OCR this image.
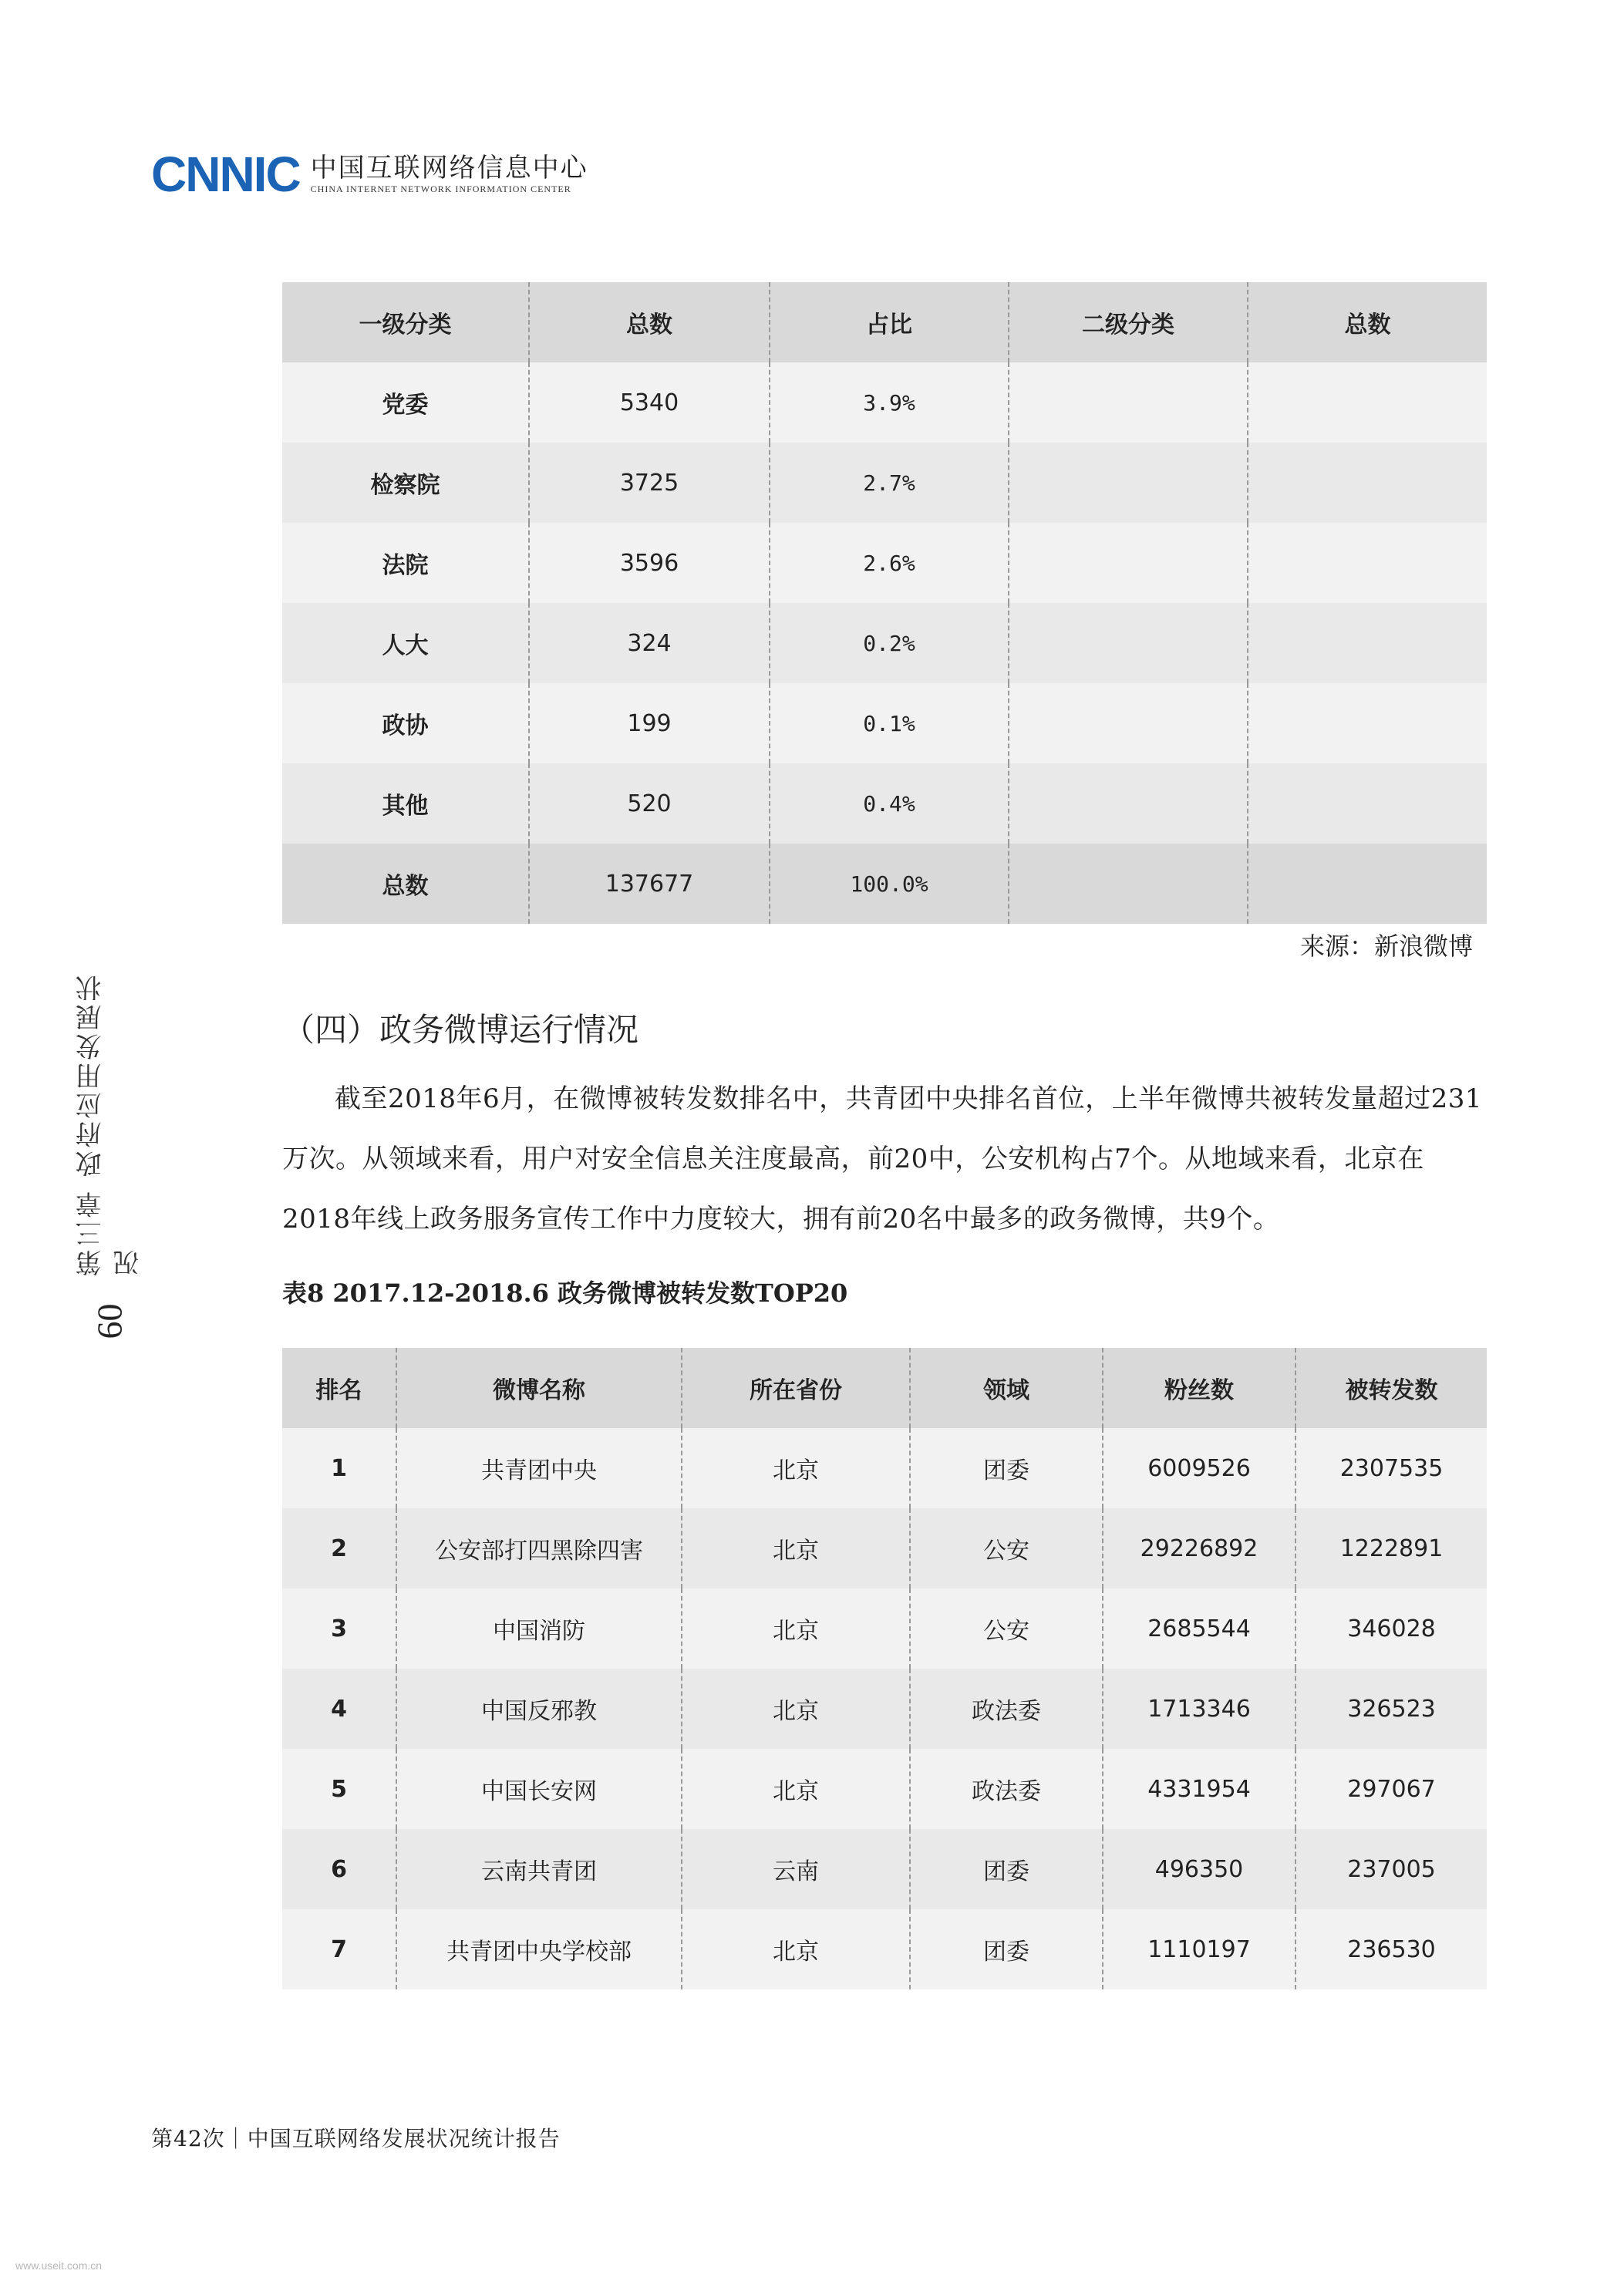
CNNIC 中国互联网络信息中心
CHINA INTERNET NETWORK INFORMATION CENTER
第三章 政府应用发展状况
60
一级分类	总数	占比	二级分类	总数
党委	5340	3.9%		
检察院	3725	2.7%		
法院	3596	2.6%		
人大	324	0.2%		
政协	199	0.1%		
其他	520	0.4%		
总数	137677	100.0%		
来源：新浪微博
（四）政务微博运行情况

截至2018年6月，在微博被转发数排名中，共青团中央排名首位，上半年微博共被转发量超过231万次。从领域来看，用户对安全信息关注度最高，前20中，公安机构占7个。从地域来看，北京在2018年线上政务服务宣传工作中力度较大，拥有前20名中最多的政务微博，共9个。

表8 2017.12-2018.6 政务微博被转发数TOP20
排名	微博名称	所在省份	领域	粉丝数	被转发数
1	共青团中央	北京	团委	6009526	2307535
2	公安部打四黑除四害	北京	公安	29226892	1222891
3	中国消防	北京	公安	2685544	346028
4	中国反邪教	北京	政法委	1713346	326523
5	中国长安网	北京	政法委	4331954	297067
6	云南共青团	云南	团委	496350	237005
7	共青团中央学校部	北京	团委	1110197	236530
第42次｜中国互联网络发展状况统计报告
www.useit.com.cn
